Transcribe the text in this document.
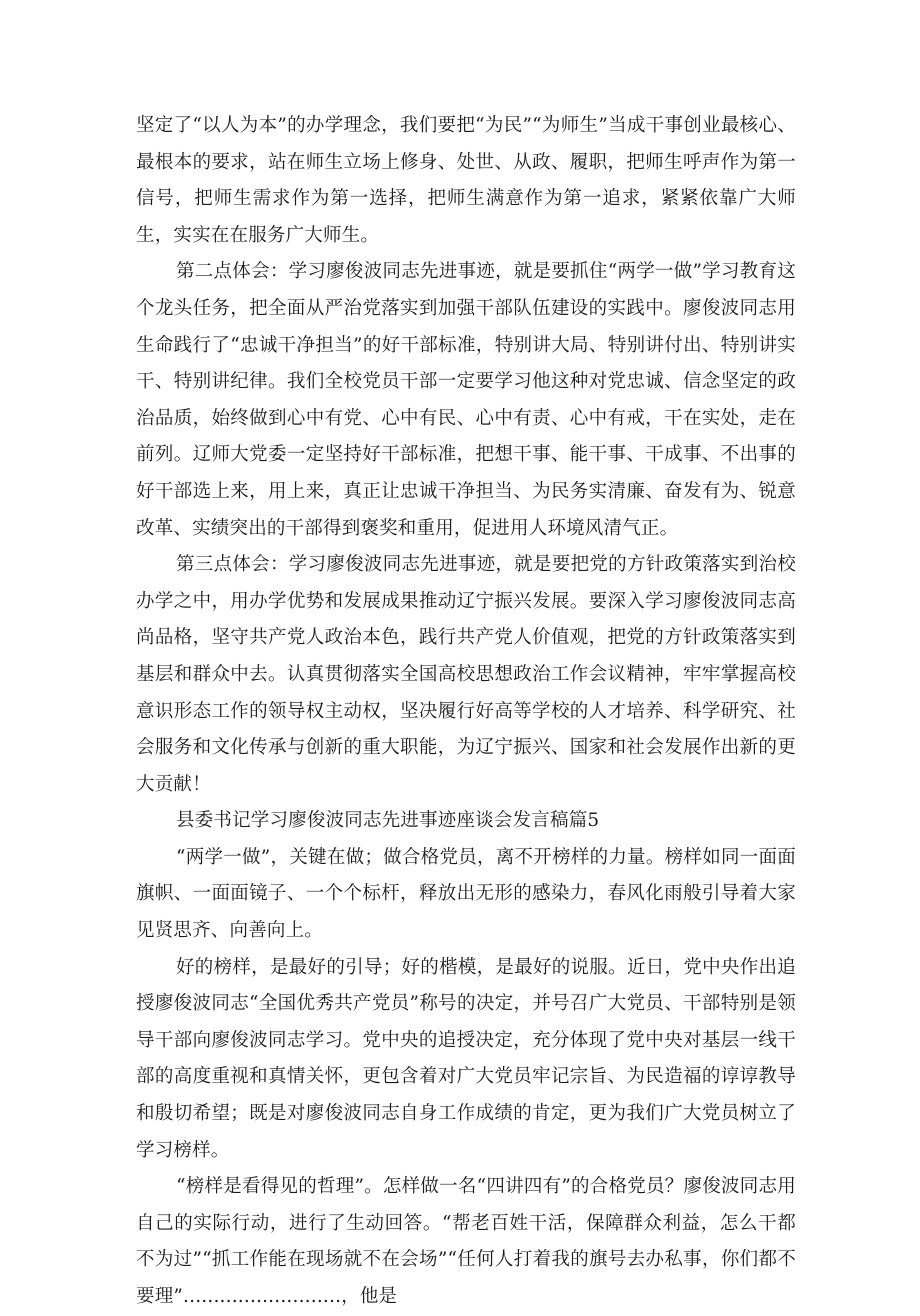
坚定了“以人为本”的办学理念，我们要把“为民”“为师生”当成干事创业最核心、最根本的要求，站在师生立场上修身、处世、从政、履职，把师生呼声作为第一信号，把师生需求作为第一选择，把师生满意作为第一追求，紧紧依靠广大师生，实实在在服务广大师生。

第二点体会：学习廖俊波同志先进事迹，就是要抓住“两学一做”学习教育这个龙头任务，把全面从严治党落实到加强干部队伍建设的实践中。廖俊波同志用生命践行了“忠诚干净担当”的好干部标准，特别讲大局、特别讲付出、特别讲实干、特别讲纪律。我们全校党员干部一定要学习他这种对党忠诚、信念坚定的政治品质，始终做到心中有党、心中有民、心中有责、心中有戒，干在实处，走在前列。辽师大党委一定坚持好干部标准，把想干事、能干事、干成事、不出事的好干部选上来，用上来，真正让忠诚干净担当、为民务实清廉、奋发有为、锐意改革、实绩突出的干部得到褒奖和重用，促进用人环境风清气正。

第三点体会：学习廖俊波同志先进事迹，就是要把党的方针政策落实到治校办学之中，用办学优势和发展成果推动辽宁振兴发展。要深入学习廖俊波同志高尚品格，坚守共产党人政治本色，践行共产党人价值观，把党的方针政策落实到基层和群众中去。认真贯彻落实全国高校思想政治工作会议精神，牢牢掌握高校意识形态工作的领导权主动权，坚决履行好高等学校的人才培养、科学研究、社会服务和文化传承与创新的重大职能，为辽宁振兴、国家和社会发展作出新的更大贡献！

县委书记学习廖俊波同志先进事迹座谈会发言稿篇5

“两学一做”，关键在做；做合格党员，离不开榜样的力量。榜样如同一面面旗帜、一面面镜子、一个个标杆，释放出无形的感染力，春风化雨般引导着大家见贤思齐、向善向上。

好的榜样，是最好的引导；好的楷模，是最好的说服。近日，党中央作出追授廖俊波同志“全国优秀共产党员”称号的决定，并号召广大党员、干部特别是领导干部向廖俊波同志学习。党中央的追授决定，充分体现了党中央对基层一线干部的高度重视和真情关怀，更包含着对广大党员牢记宗旨、为民造福的谆谆教导和殷切希望；既是对廖俊波同志自身工作成绩的肯定，更为我们广大党员树立了学习榜样。

“榜样是看得见的哲理”。怎样做一名“四讲四有”的合格党员？廖俊波同志用自己的实际行动，进行了生动回答。“帮老百姓干活，保障群众利益，怎么干都不为过”“抓工作能在现场就不在会场”“任何人打着我的旗号去办私事，你们都不要理”..........................，他是
